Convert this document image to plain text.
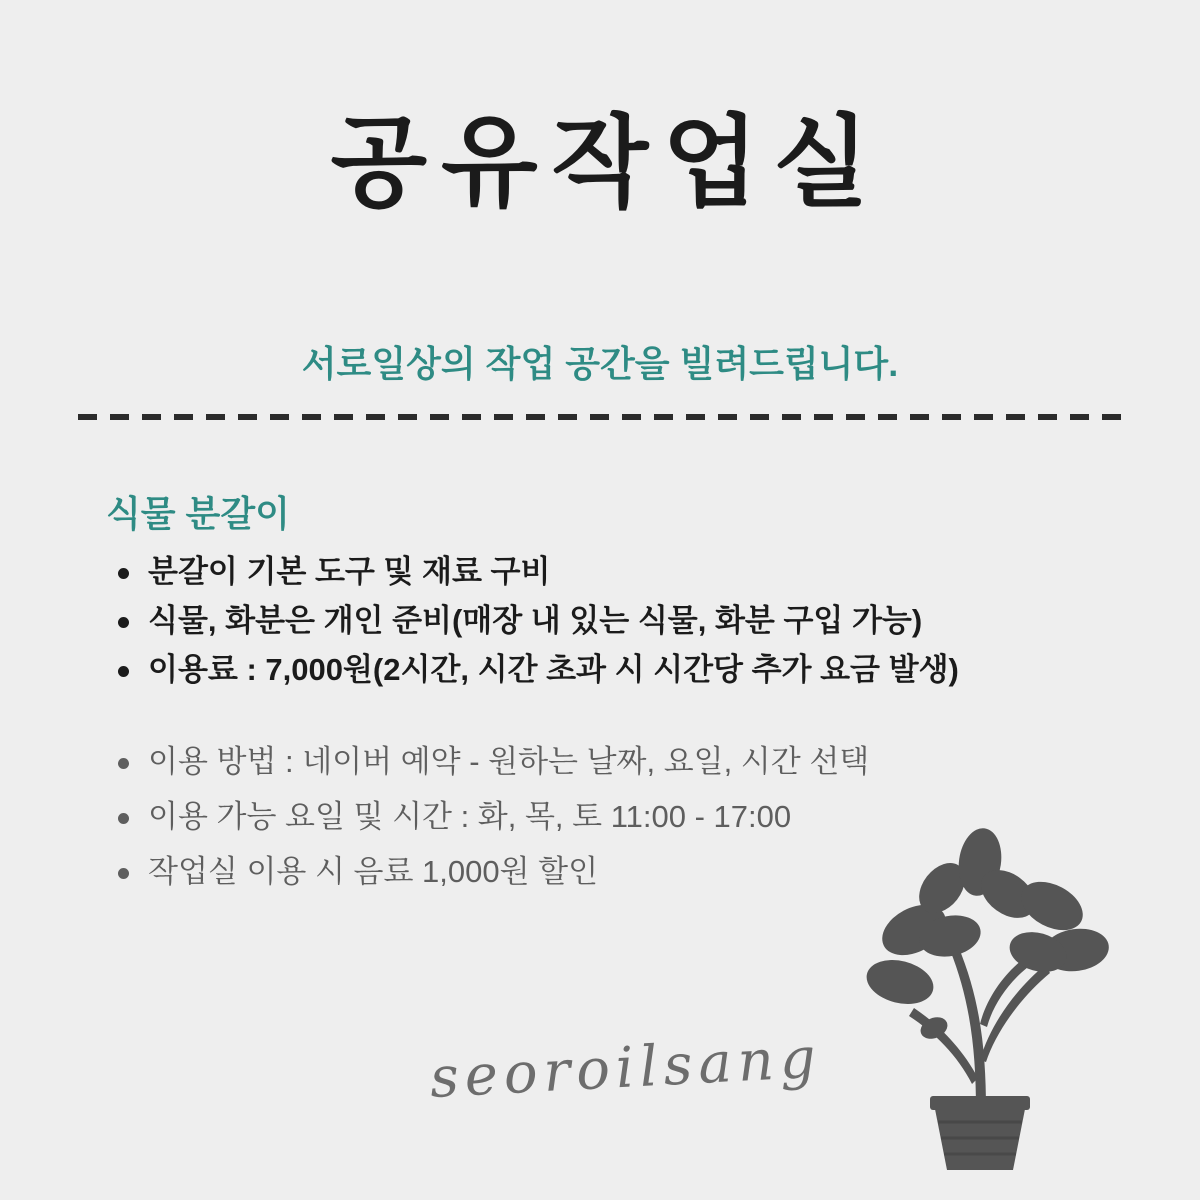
공유작업실
서로일상의 작업 공간을 빌려드립니다.
식물 분갈이
분갈이 기본 도구 및 재료 구비
식물, 화분은 개인 준비(매장 내 있는 식물, 화분 구입 가능)
이용료 : 7,000원(2시간, 시간 초과 시 시간당 추가 요금 발생)
이용 방법 : 네이버 예약 - 원하는 날짜, 요일, 시간 선택
이용 가능 요일 및 시간 : 화, 목, 토 11:00 - 17:00
작업실 이용 시 음료 1,000원 할인
seoroilsang
